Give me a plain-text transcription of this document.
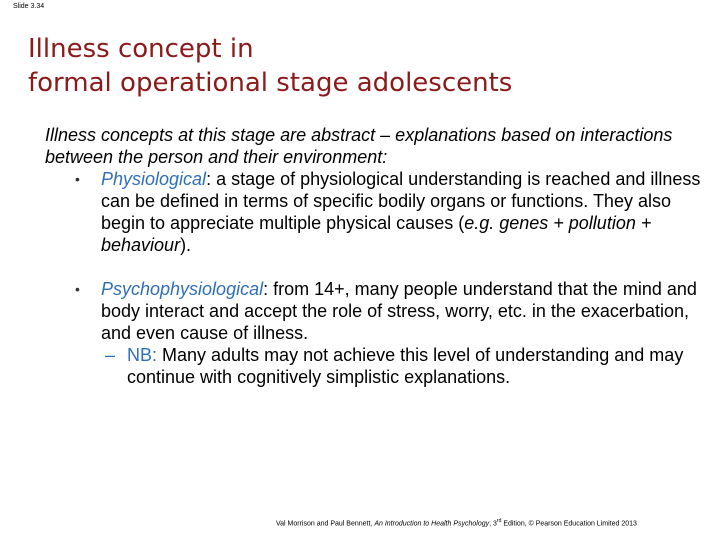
Slide 3.34
Illness concept in
formal operational stage adolescents
Illness concepts at this stage are abstract – explanations based on interactions between the person and their environment:
• Physiological: a stage of physiological understanding is reached and illness can be defined in terms of specific bodily organs or functions. They also begin to appreciate multiple physical causes (e.g. genes + pollution + behaviour).
• Psychophysiological: from 14+, many people understand that the mind and body interact and accept the role of stress, worry, etc. in the exacerbation, and even cause of illness.
– NB: Many adults may not achieve this level of understanding and may continue with cognitively simplistic explanations.
Val Morrison and Paul Bennett, An Introduction to Health Psychology, 3rd Edition, © Pearson Education Limited 2013
